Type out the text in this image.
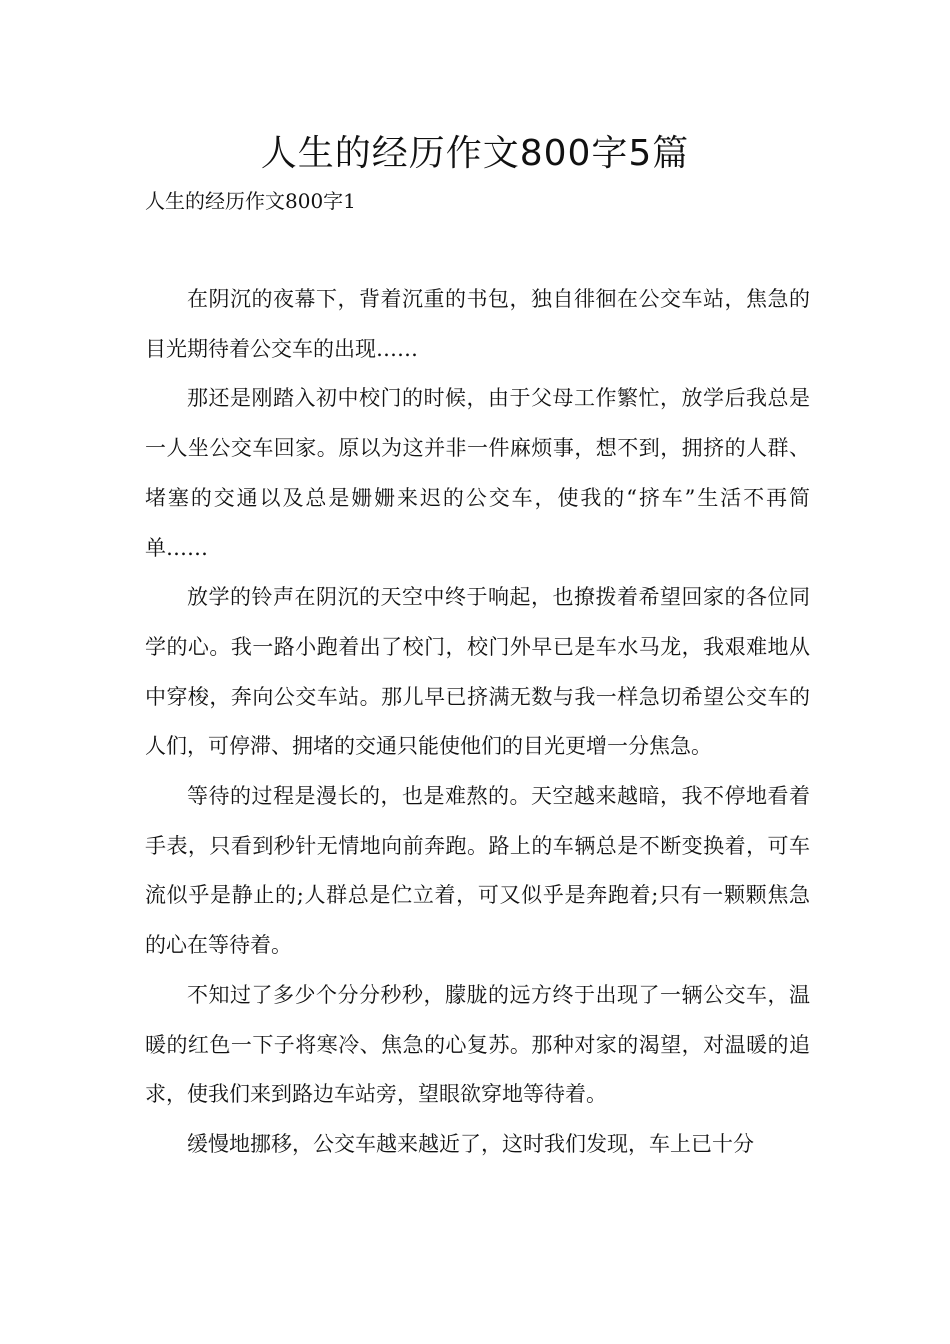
人生的经历作文800字5篇
人生的经历作文800字1

在阴沉的夜幕下，背着沉重的书包，独自徘徊在公交车站，焦急的目光期待着公交车的出现……

那还是刚踏入初中校门的时候，由于父母工作繁忙，放学后我总是一人坐公交车回家。原以为这并非一件麻烦事，想不到，拥挤的人群、堵塞的交通以及总是姗姗来迟的公交车，使我的“挤车”生活不再简单……

放学的铃声在阴沉的天空中终于响起，也撩拨着希望回家的各位同学的心。我一路小跑着出了校门，校门外早已是车水马龙，我艰难地从中穿梭，奔向公交车站。那儿早已挤满无数与我一样急切希望公交车的人们，可停滞、拥堵的交通只能使他们的目光更增一分焦急。

等待的过程是漫长的，也是难熬的。天空越来越暗，我不停地看着手表，只看到秒针无情地向前奔跑。路上的车辆总是不断变换着，可车流似乎是静止的;人群总是伫立着，可又似乎是奔跑着;只有一颗颗焦急的心在等待着。

不知过了多少个分分秒秒，朦胧的远方终于出现了一辆公交车，温暖的红色一下子将寒冷、焦急的心复苏。那种对家的渴望，对温暖的追求，使我们来到路边车站旁，望眼欲穿地等待着。

缓慢地挪移，公交车越来越近了，这时我们发现，车上已十分
